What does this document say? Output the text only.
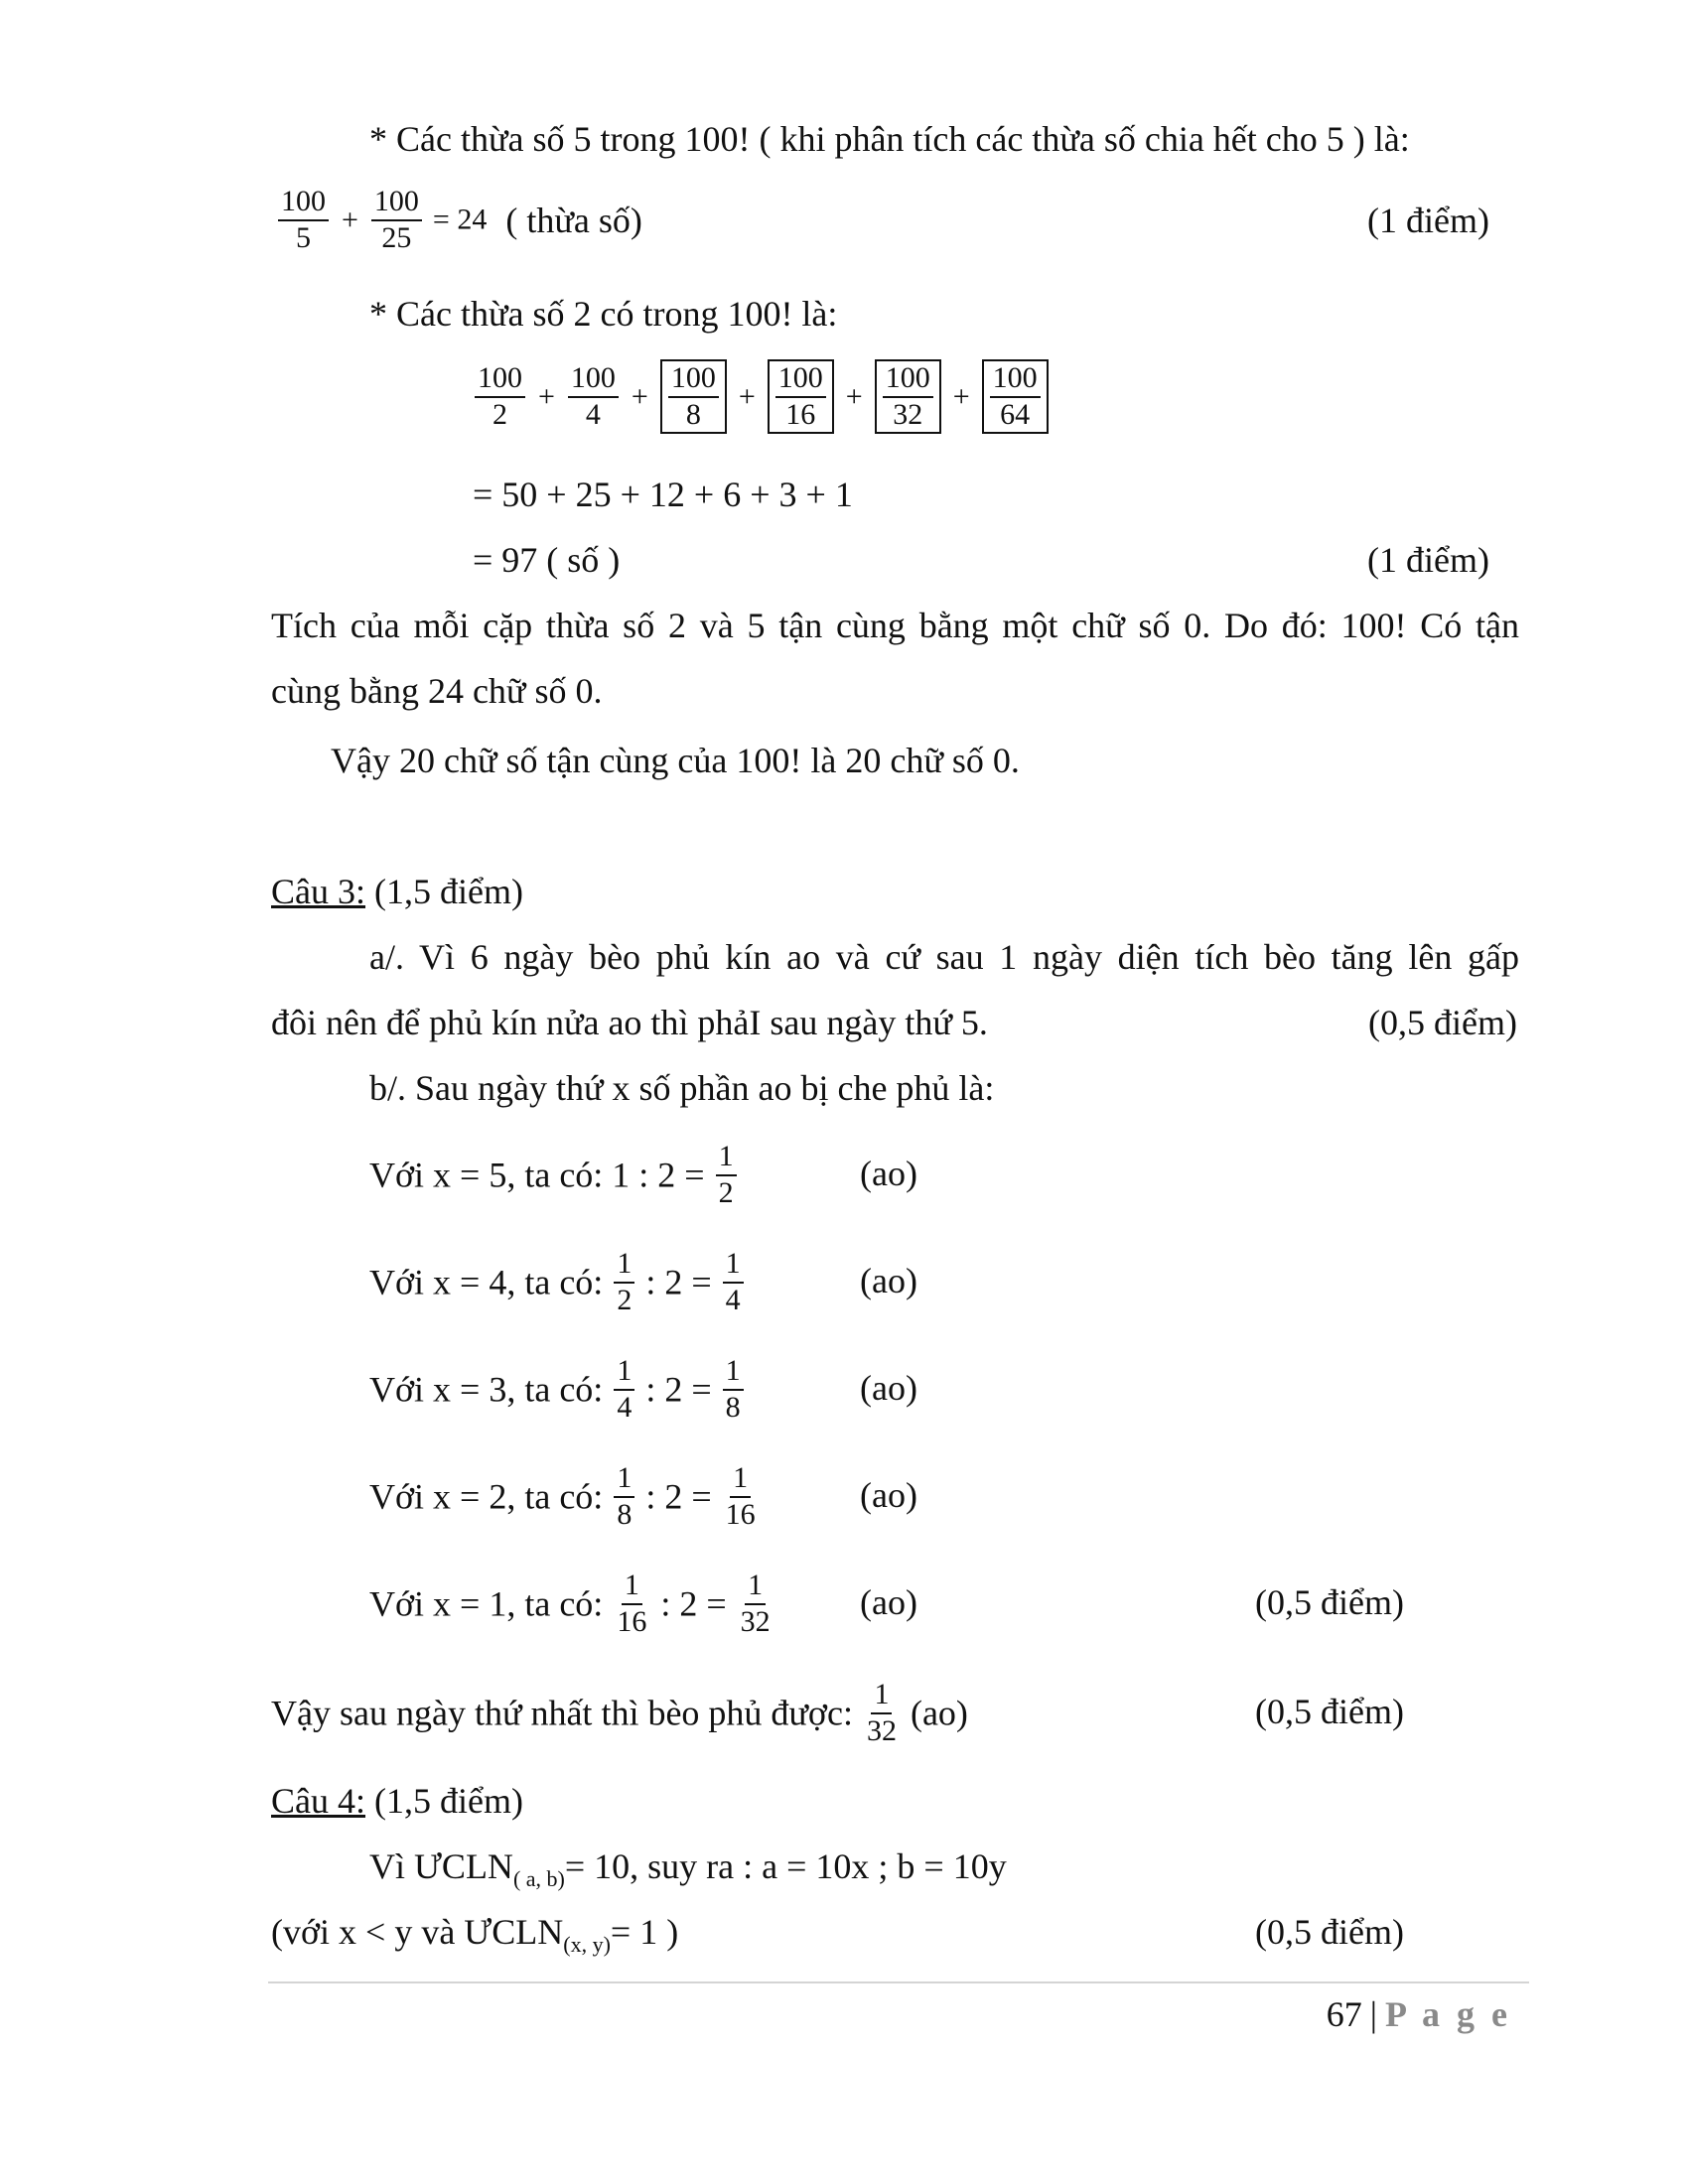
* Các thừa số 5 trong 100! ( khi phân tích các thừa số chia hết cho 5 ) là:
$\frac{100}{5} + \frac{100}{25} = 24$ ( thừa số)	(1 điểm)
* Các thừa số 2 có trong 100! là:
$\frac{100}{2} + \frac{100}{4}$ +
100
8
+
100
16
+
100
32
+
100
64
= 50 + 25 + 12 + 6 + 3 + 1
= 97 ( số )	(1 điểm)
Tích của mỗi cặp thừa số 2 và 5 tận cùng bằng một chữ số 0. Do đó: 100! Có tận
cùng bằng 24 chữ số 0.
Vậy 20 chữ số tận cùng của 100! là 20 chữ số 0.
Câu 3: (1,5 điểm)
a/. Vì 6 ngày bèo phủ kín ao và cứ sau 1 ngày diện tích bèo tăng lên gấp
đôi nên để phủ kín nửa ao thì phảI sau ngày thứ 5.	(0,5 điểm)
b/. Sau ngày thứ x số phần ao bị che phủ là:
Với x = 5, ta có: 1 : $2 = \frac{1}{2}$	(ao)
Với x = 4, ta có: $\frac{1}{2}$ : $2 = \frac{1}{4}$	(ao)
Với x = 3, ta có: $\frac{1}{4}$ : $2 = \frac{1}{8}$	(ao)
Với x = 2, ta có: $\frac{1}{8}$ : $2 = \frac{1}{16}$	(ao)
Với x = 1, ta có: $\frac{1}{16}$ : $2 = \frac{1}{32} (ao)$	(0,5 điểm)
Vậy sau ngày thứ nhất thì bèo phủ được: $\frac{1}{32} (ao)$	(0,5 điểm)
Câu 4: (1,5 điểm)
Vì $ƯCLN_{( a, b)}= 10$, suy ra : a = 10x ; b = 10y
(với x < y và $ƯCLN_{(x, y)}= 1$ )	(0,5 điểm)
67 | P a g e
